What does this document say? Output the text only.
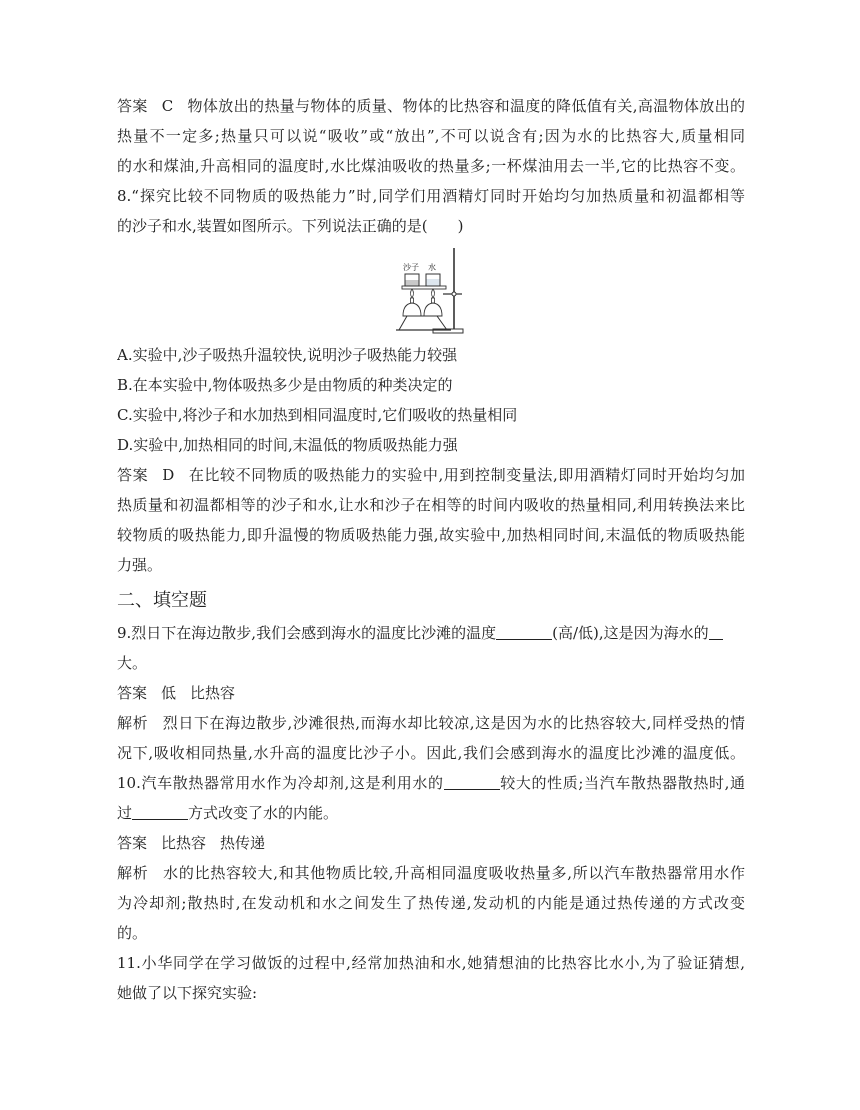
答案 C 物体放出的热量与物体的质量、物体的比热容和温度的降低值有关,高温物体放出的
热量不一定多;热量只可以说“吸收”或“放出”,不可以说含有;因为水的比热容大,质量相同
的水和煤油,升高相同的温度时,水比煤油吸收的热量多;一杯煤油用去一半,它的比热容不变。
8.“探究比较不同物质的吸热能力”时,同学们用酒精灯同时开始均匀加热质量和初温都相等
的沙子和水,装置如图所示。下列说法正确的是(　　)
沙子 水
A.实验中,沙子吸热升温较快,说明沙子吸热能力较强
B.在本实验中,物体吸热多少是由物质的种类决定的
C.实验中,将沙子和水加热到相同温度时,它们吸收的热量相同
D.实验中,加热相同的时间,末温低的物质吸热能力强
答案 D 在比较不同物质的吸热能力的实验中,用到控制变量法,即用酒精灯同时开始均匀加
热质量和初温都相等的沙子和水,让水和沙子在相等的时间内吸收的热量相同,利用转换法来比
较物质的吸热能力,即升温慢的物质吸热能力强,故实验中,加热相同时间,末温低的物质吸热能
力强。
二、填空题
9.烈日下在海边散步,我们会感到海水的温度比沙滩的温度	(高/低),这是因为海水的
大。
答案 低 比热容
解析 烈日下在海边散步,沙滩很热,而海水却比较凉,这是因为水的比热容较大,同样受热的情
况下,吸收相同热量,水升高的温度比沙子小。因此,我们会感到海水的温度比沙滩的温度低。
10.汽车散热器常用水作为冷却剂,这是利用水的	较大的性质;当汽车散热器散热时,通
过	方式改变了水的内能。
答案 比热容 热传递
解析 水的比热容较大,和其他物质比较,升高相同温度吸收热量多,所以汽车散热器常用水作
为冷却剂;散热时,在发动机和水之间发生了热传递,发动机的内能是通过热传递的方式改变
的。
11.小华同学在学习做饭的过程中,经常加热油和水,她猜想油的比热容比水小,为了验证猜想,
她做了以下探究实验:
